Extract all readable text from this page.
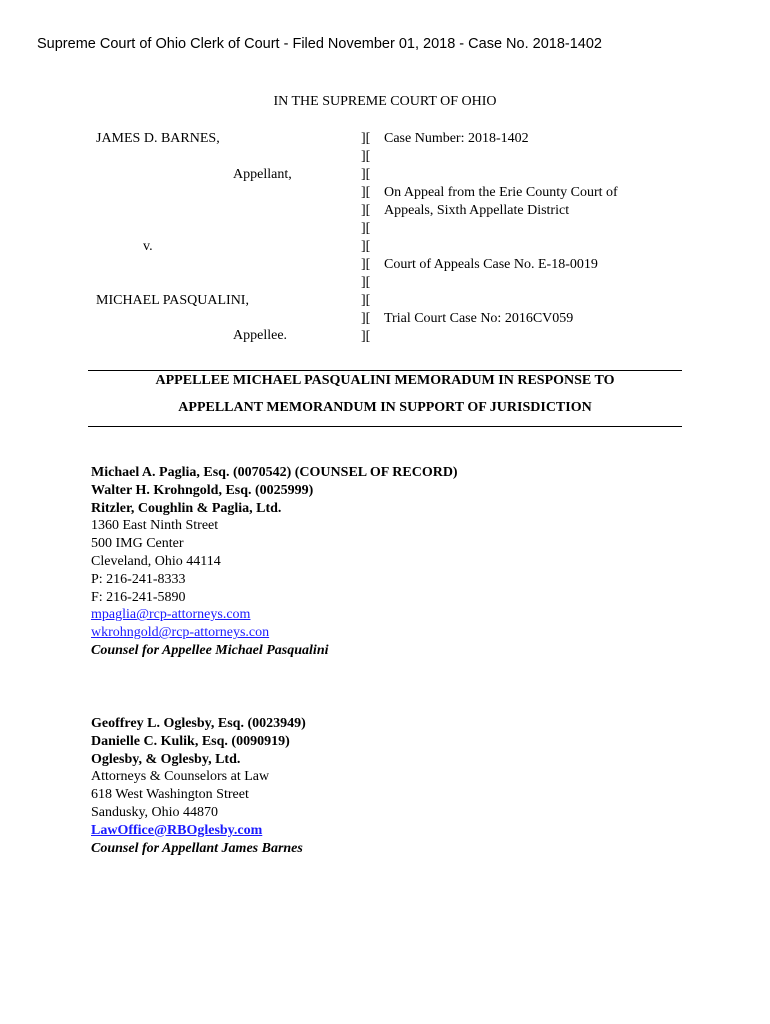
Supreme Court of Ohio Clerk of Court - Filed November 01, 2018 - Case No. 2018-1402
IN THE SUPREME COURT OF OHIO
JAMES D. BARNES,
Appellant,
v.
MICHAEL PASQUALINI,
Appellee.
][
][
][
][
][
][
][
][
][
][
][
][
Case Number: 2018-1402
On Appeal from the Erie County Court of
Appeals, Sixth Appellate District
Court of Appeals Case No. E-18-0019
Trial Court Case No: 2016CV059
APPELLEE MICHAEL PASQUALINI MEMORADUM IN RESPONSE TO
APPELLANT MEMORANDUM IN SUPPORT OF JURISDICTION
Michael A. Paglia, Esq. (0070542) (COUNSEL OF RECORD)
Walter H. Krohngold, Esq. (0025999)
Ritzler, Coughlin & Paglia, Ltd.
1360 East Ninth Street
500 IMG Center
Cleveland, Ohio 44114
P: 216-241-8333
F: 216-241-5890
mpaglia@rcp-attorneys.com
wkrohngold@rcp-attorneys.con
Counsel for Appellee Michael Pasqualini
Geoffrey L. Oglesby, Esq. (0023949)
Danielle C. Kulik, Esq. (0090919)
Oglesby, & Oglesby, Ltd.
Attorneys & Counselors at Law
618 West Washington Street
Sandusky, Ohio 44870
LawOffice@RBOglesby.com
Counsel for Appellant James Barnes
